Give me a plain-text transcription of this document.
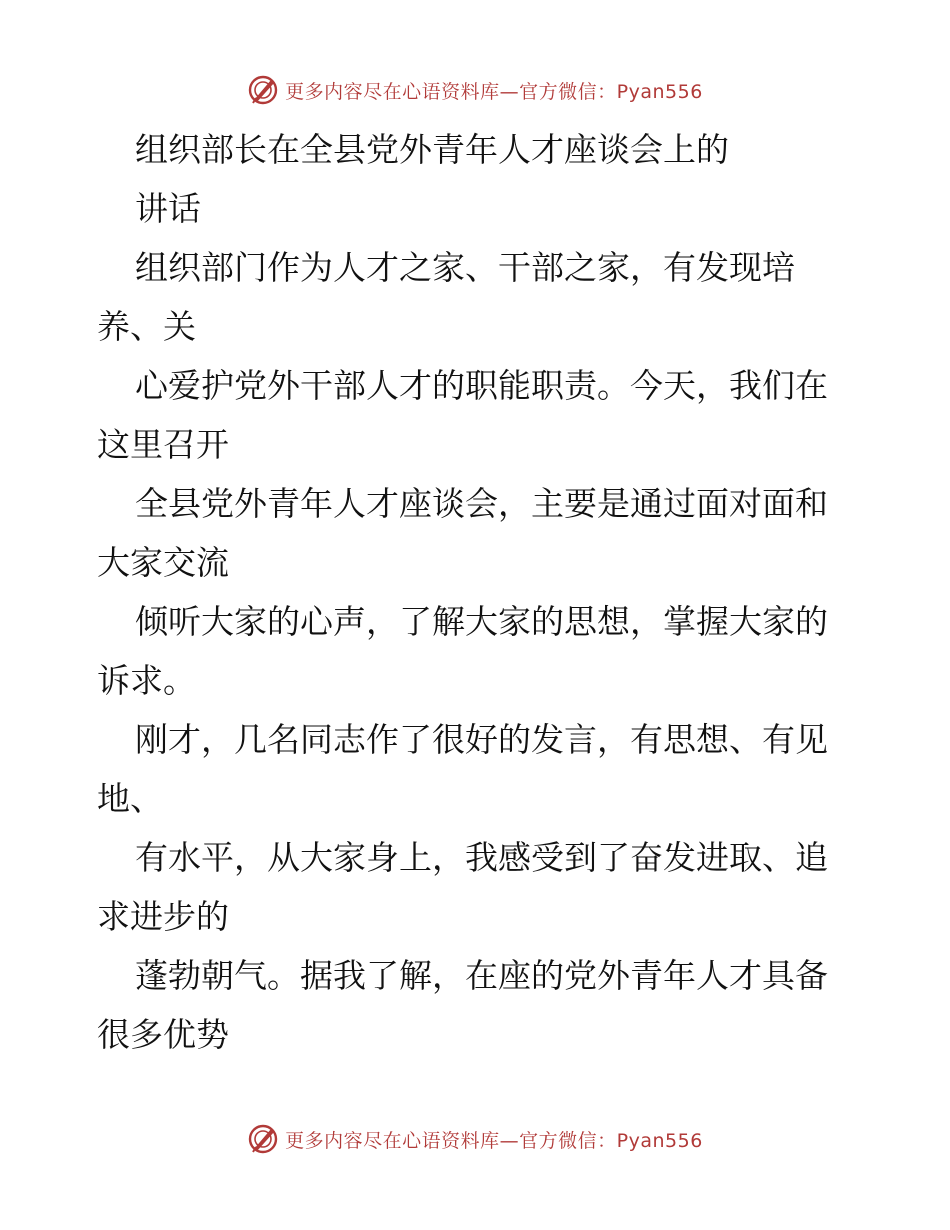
更多内容尽在心语资料库—官方微信：Pyan556
组织部长在全县党外青年人才座谈会上的
讲话
组织部门作为人才之家、干部之家，有发现培
养、关
心爱护党外干部人才的职能职责。今天，我们在
这里召开
全县党外青年人才座谈会，主要是通过面对面和
大家交流
倾听大家的心声，了解大家的思想，掌握大家的
诉求。
刚才，几名同志作了很好的发言，有思想、有见
地、
有水平，从大家身上，我感受到了奋发进取、追
求进步的
蓬勃朝气。据我了解，在座的党外青年人才具备
很多优势
更多内容尽在心语资料库—官方微信：Pyan556
